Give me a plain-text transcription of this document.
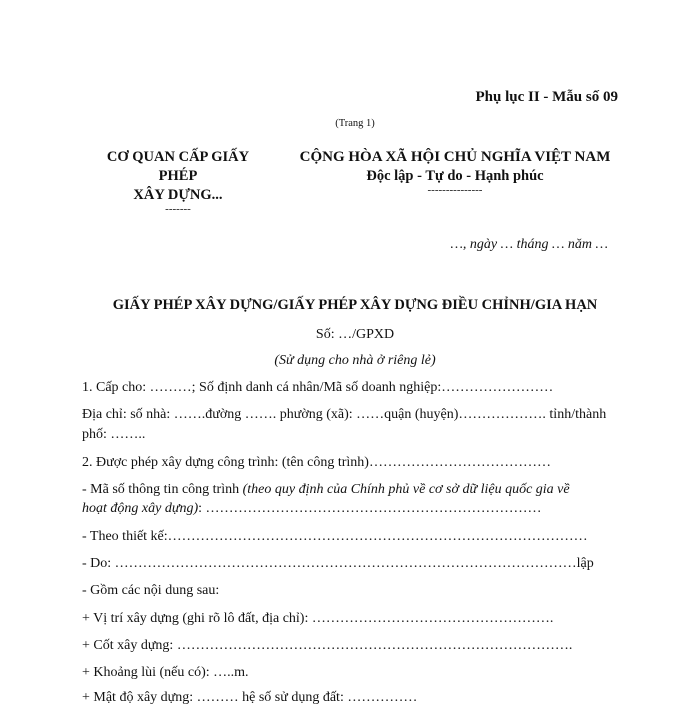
Phụ lục II - Mẫu số 09
(Trang 1)
CƠ QUAN CẤP GIẤY
PHÉP
XÂY DỰNG...
-------
CỘNG HÒA XÃ HỘI CHỦ NGHĨA VIỆT NAM
Độc lập - Tự do - Hạnh phúc
---------------
…, ngày … tháng … năm …
GIẤY PHÉP XÂY DỰNG/GIẤY PHÉP XÂY DỰNG ĐIỀU CHỈNH/GIA HẠN
Số: …/GPXD
(Sử dụng cho nhà ở riêng lẻ)
1. Cấp cho: ………; Số định danh cá nhân/Mã số doanh nghiệp:……………………
Địa chỉ: số nhà: …….đường ……. phường (xã): ……quận (huyện)………………. tỉnh/thành
phố: ……..
2. Được phép xây dựng công trình: (tên công trình)…………………………………
- Mã số thông tin công trình (theo quy định của Chính phủ về cơ sở dữ liệu quốc gia về
hoạt động xây dựng): ………………………………………………………………
- Theo thiết kế:………………………………………………………………………………
- Do: ………………………………………………………………………………………lập
- Gồm các nội dung sau:
+ Vị trí xây dựng (ghi rõ lô đất, địa chỉ): …………………………………………….
+ Cốt xây dựng: ………………………………………………………………………….
+ Khoảng lùi (nếu có): …..m.
+ Mật độ xây dựng: ……… hệ số sử dụng đất: ……………
